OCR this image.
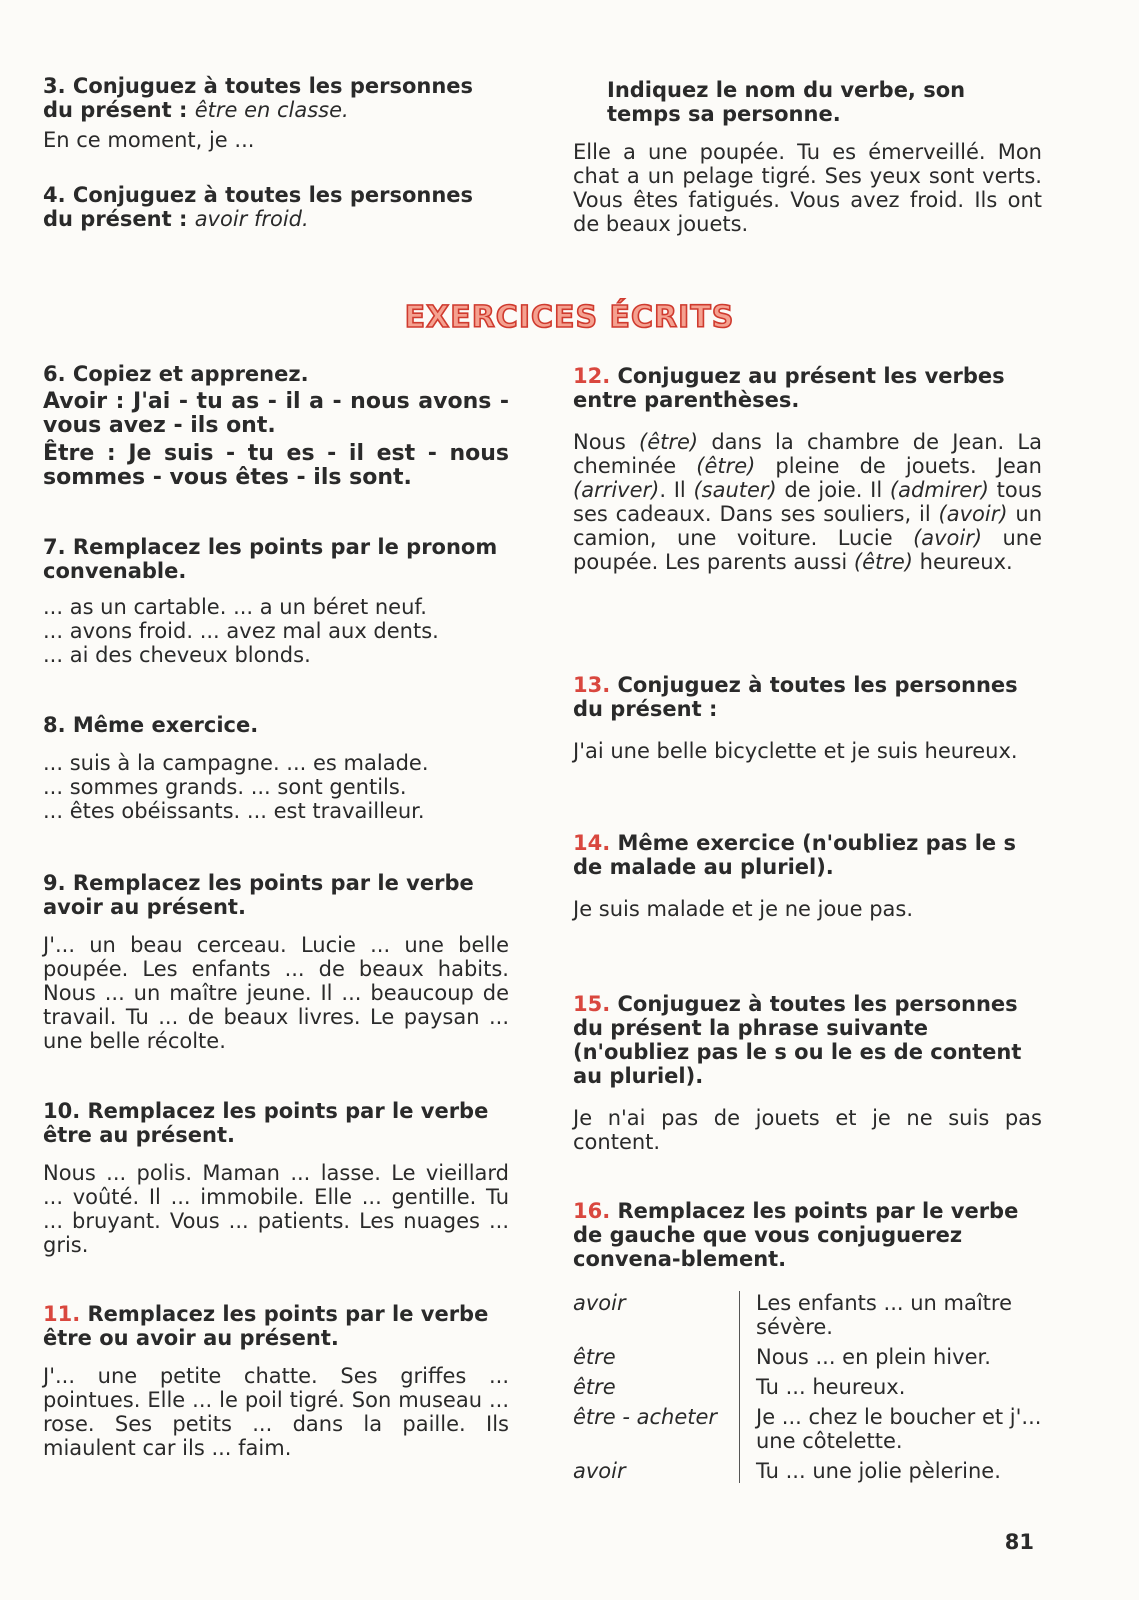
3. Conjuguez à toutes les personnes du présent : être en classe.
En ce moment, je ...
4. Conjuguez à toutes les personnes du présent : avoir froid.
Indiquez le nom du verbe, son temps sa personne.
Elle a une poupée. Tu es émerveillé. Mon chat a un pelage tigré. Ses yeux sont verts. Vous êtes fatigués. Vous avez froid. Ils ont de beaux jouets.
EXERCICES ÉCRITS
6. Copiez et apprenez.

Avoir : J'ai - tu as - il a - nous avons - vous avez - ils ont.

Être : Je suis - tu es - il est - nous sommes - vous êtes - ils sont.

7. Remplacez les points par le pronom convenable.

... as un cartable. ... a un béret neuf.

... avons froid. ... avez mal aux dents.

... ai des cheveux blonds.

8. Même exercice.

... suis à la campagne. ... es malade.

... sommes grands. ... sont gentils.

... êtes obéissants. ... est travailleur.

9. Remplacez les points par le verbe avoir au présent.
J'... un beau cerceau. Lucie ... une belle poupée. Les enfants ... de beaux habits. Nous ... un maître jeune. Il ... beaucoup de travail. Tu ... de beaux livres. Le paysan ... une belle récolte.
10. Remplacez les points par le verbe être au présent.
Nous ... polis. Maman ... lasse. Le vieillard ... voûté. Il ... immobile. Elle ... gentille. Tu ... bruyant. Vous ... patients. Les nuages ... gris.
11. Remplacez les points par le verbe être ou avoir au présent.
J'... une petite chatte. Ses griffes ... pointues. Elle ... le poil tigré. Son museau ... rose. Ses petits ... dans la paille. Ils miaulent car ils ... faim.
12. Conjuguez au présent les verbes entre parenthèses.
Nous (être) dans la chambre de Jean. La cheminée (être) pleine de jouets. Jean (arriver). Il (sauter) de joie. Il (admirer) tous ses cadeaux. Dans ses souliers, il (avoir) un camion, une voiture. Lucie (avoir) une poupée. Les parents aussi (être) heureux.
13. Conjuguez à toutes les personnes du présent :
J'ai une belle bicyclette et je suis heureux.
14. Même exercice (n'oubliez pas le s de malade au pluriel).
Je suis malade et je ne joue pas.
15. Conjuguez à toutes les personnes du présent la phrase suivante (n'oubliez pas le s ou le es de content au pluriel).
Je n'ai pas de jouets et je ne suis pas content.
16. Remplacez les points par le verbe de gauche que vous conjuguerez convena-blement.
avoir	Les enfants ... un maître sévère.
être	Nous ... en plein hiver.
être	Tu ... heureux.
être - acheter	Je ... chez le boucher et j'... une côtelette.
avoir	Tu ... une jolie pèlerine.
81
